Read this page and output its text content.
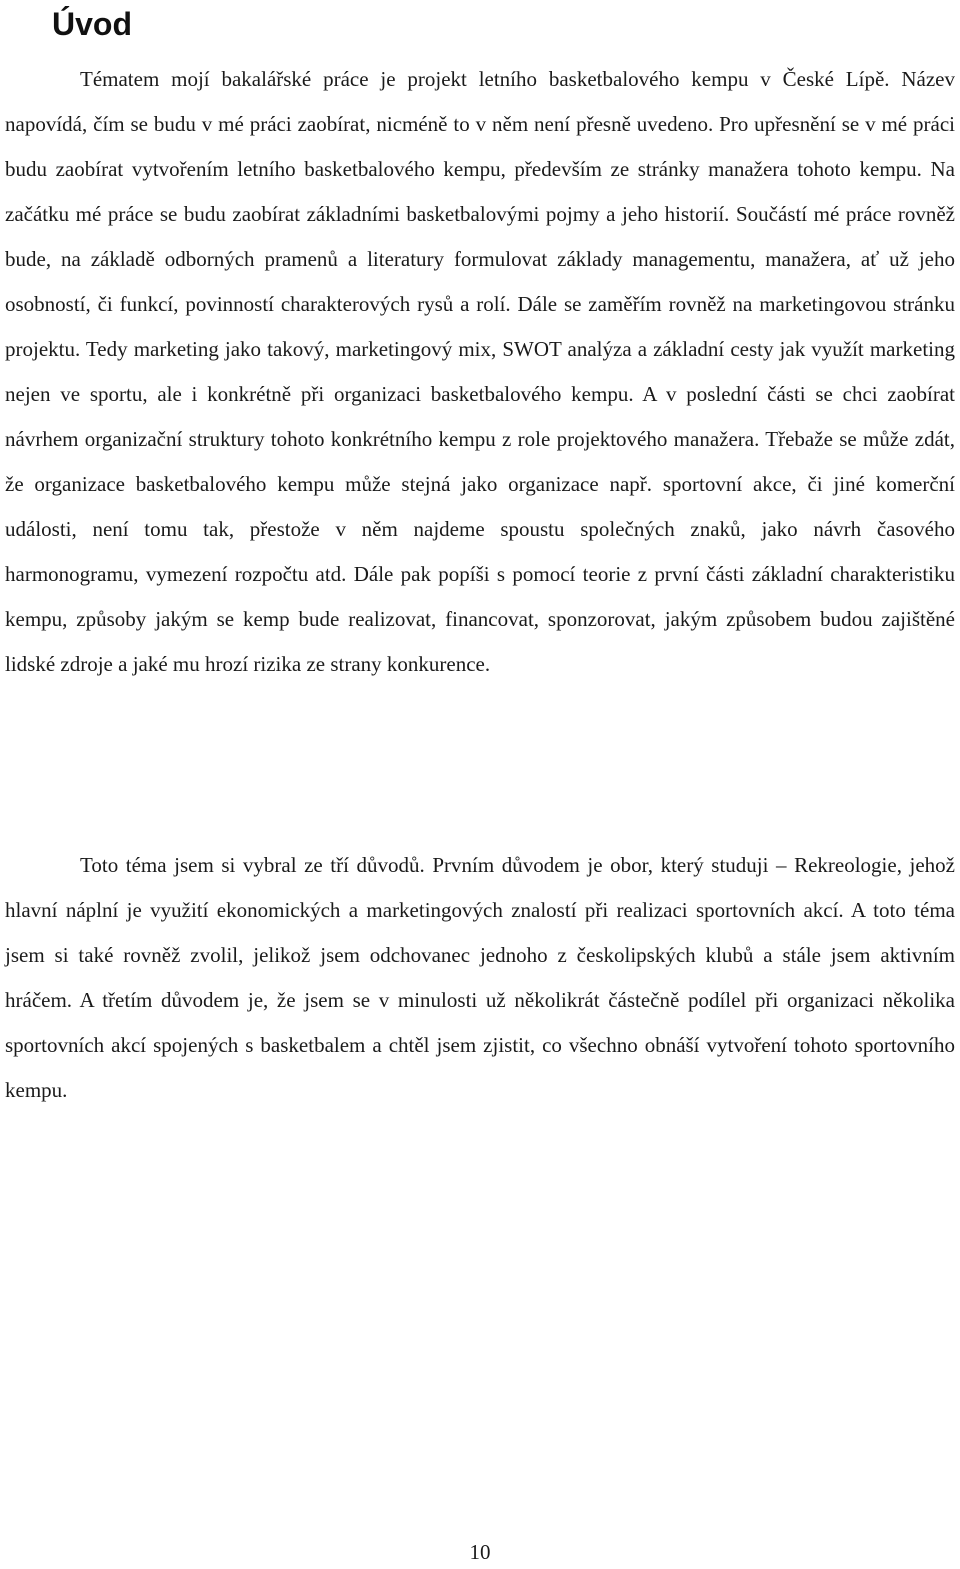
Úvod

Tématem mojí bakalářské práce je projekt letního basketbalového kempu v České Lípě. Název napovídá, čím se budu v mé práci zaobírat, nicméně to v něm není přesně uvedeno. Pro upřesnění se v mé práci budu zaobírat vytvořením letního basketbalového kempu, především ze stránky manažera tohoto kempu. Na začátku mé práce se budu zaobírat základními basketbalovými pojmy a jeho historií. Součástí mé práce rovněž bude, na základě odborných pramenů a literatury formulovat základy managementu, manažera, ať už jeho osobností, či funkcí, povinností charakterových rysů a rolí. Dále se zaměřím rovněž na marketingovou stránku projektu. Tedy marketing jako takový, marketingový mix, SWOT analýza a základní cesty jak využít marketing nejen ve sportu, ale i konkrétně při organizaci basketbalového kempu. A v poslední části se chci zaobírat návrhem organizační struktury tohoto konkrétního kempu z role projektového manažera. Třebaže se může zdát, že organizace basketbalového kempu může stejná jako organizace např. sportovní akce, či jiné komerční události, není tomu tak, přestože v něm najdeme spoustu společných znaků, jako návrh časového harmonogramu, vymezení rozpočtu atd. Dále pak popíši s pomocí teorie z první části základní charakteristiku kempu, způsoby jakým se kemp bude realizovat, financovat, sponzorovat, jakým způsobem budou zajištěné lidské zdroje a jaké mu hrozí rizika ze strany konkurence.

Toto téma jsem si vybral ze tří důvodů. Prvním důvodem je obor, který studuji – Rekreologie, jehož hlavní náplní je využití ekonomických a marketingových znalostí při realizaci sportovních akcí. A toto téma jsem si také rovněž zvolil, jelikož jsem odchovanec jednoho z českolipských klubů a stále jsem aktivním hráčem. A třetím důvodem je, že jsem se v minulosti už několikrát částečně podílel při organizaci několika sportovních akcí spojených s basketbalem a chtěl jsem zjistit, co všechno obnáší vytvoření tohoto sportovního kempu.

10
